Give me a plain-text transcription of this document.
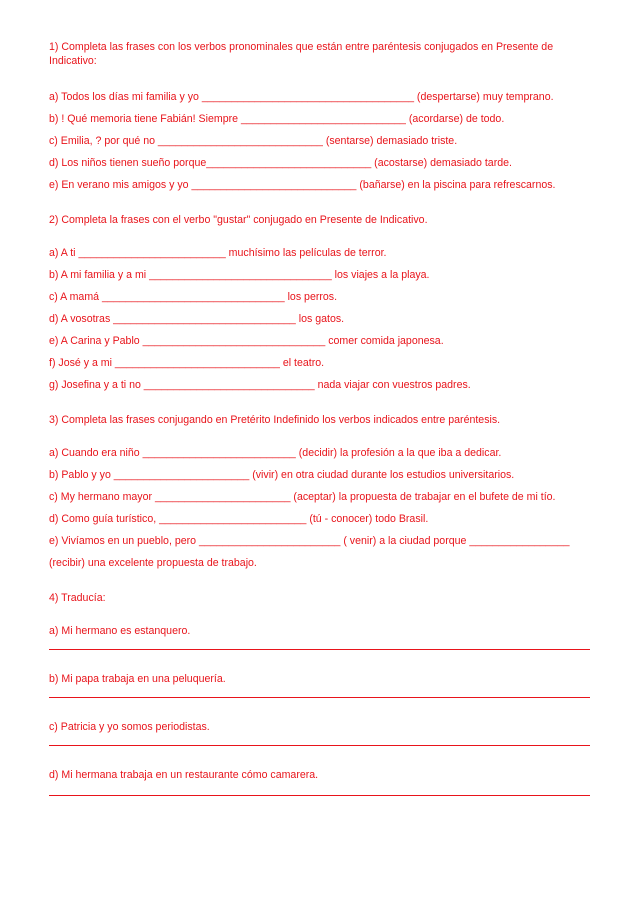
1) Completa las frases con los verbos pronominales que están entre paréntesis conjugados en Presente de Indicativo:
a) Todos los días mi familia y yo ____________________________________ (despertarse) muy temprano.
b) ! Qué memoria tiene Fabián! Siempre ____________________________ (acordarse) de todo.
c) Emilia, ? por qué no ____________________________ (sentarse) demasiado triste.
d) Los niños tienen sueño porque____________________________ (acostarse) demasiado tarde.
e) En verano mis amigos y yo ____________________________ (bañarse) en la piscina para refrescarnos.
2) Completa la frases con el verbo "gustar" conjugado en Presente de Indicativo.
a) A ti _________________________ muchísimo las películas de terror.
b) A mi familia y a mi _______________________________ los viajes a la playa.
c) A mamá _______________________________ los perros.
d) A vosotras _______________________________ los gatos.
e) A Carina y Pablo _______________________________ comer comida japonesa.
f) José y a mi ____________________________ el teatro.
g) Josefina y a ti no _____________________________ nada viajar con vuestros padres.
3) Completa las frases conjugando en Pretérito Indefinido los verbos indicados entre paréntesis.
a) Cuando era niño __________________________ (decidir) la profesión a la que iba a dedicar.
b) Pablo y yo _______________________ (vivir) en otra ciudad durante los estudios universitarios.
c) My hermano mayor _______________________ (aceptar) la propuesta de trabajar en el bufete de mi tío.
d) Como guía turístico, _________________________ (tú - conocer) todo Brasil.
e) Vivíamos en un pueblo, pero ________________________ ( venir) a la ciudad porque _________________
(recibir) una excelente propuesta de trabajo.
4) Traducía:
a) Mi hermano es estanquero.
b) Mi papa trabaja en una peluquería.
c) Patricia y yo somos periodistas.
d) Mi hermana trabaja en un restaurante cómo camarera.
